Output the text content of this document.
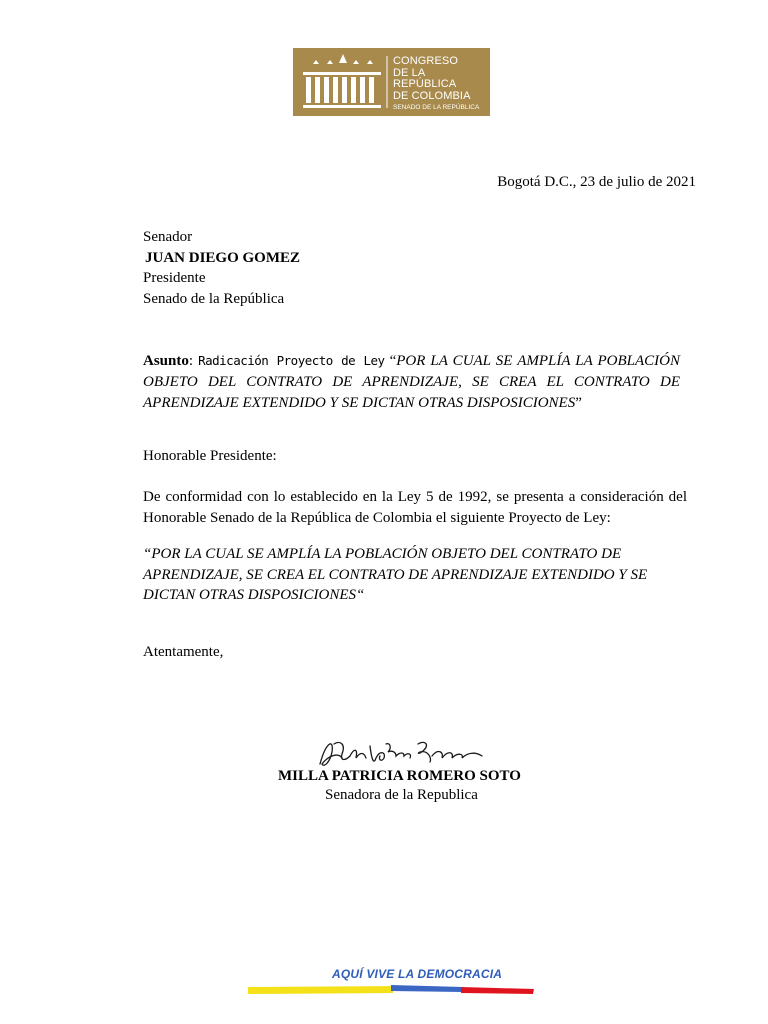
CONGRESO
DE LA REPÚBLICA
DE COLOMBIA
SENADO DE LA REPÚBLICA
Bogotá D.C., 23 de julio de 2021
Senador
JUAN DIEGO GOMEZ
Presidente
Senado de la República
Asunto: Radicación Proyecto de Ley “POR LA CUAL SE AMPLÍA LA POBLACIÓN OBJETO DEL CONTRATO DE APRENDIZAJE, SE CREA EL CONTRATO DE APRENDIZAJE EXTENDIDO Y SE DICTAN OTRAS DISPOSICIONES”
Honorable Presidente:
De conformidad con lo establecido en la Ley 5 de 1992, se presenta a consideración del Honorable Senado de la República de Colombia el siguiente Proyecto de Ley:
“POR LA CUAL SE AMPLÍA LA POBLACIÓN OBJETO DEL CONTRATO DE APRENDIZAJE, SE CREA EL CONTRATO DE APRENDIZAJE EXTENDIDO Y SE DICTAN OTRAS DISPOSICIONES“
Atentamente,
MILLA PATRICIA ROMERO SOTO
Senadora de la Republica
AQUÍ VIVE LA DEMOCRACIA
